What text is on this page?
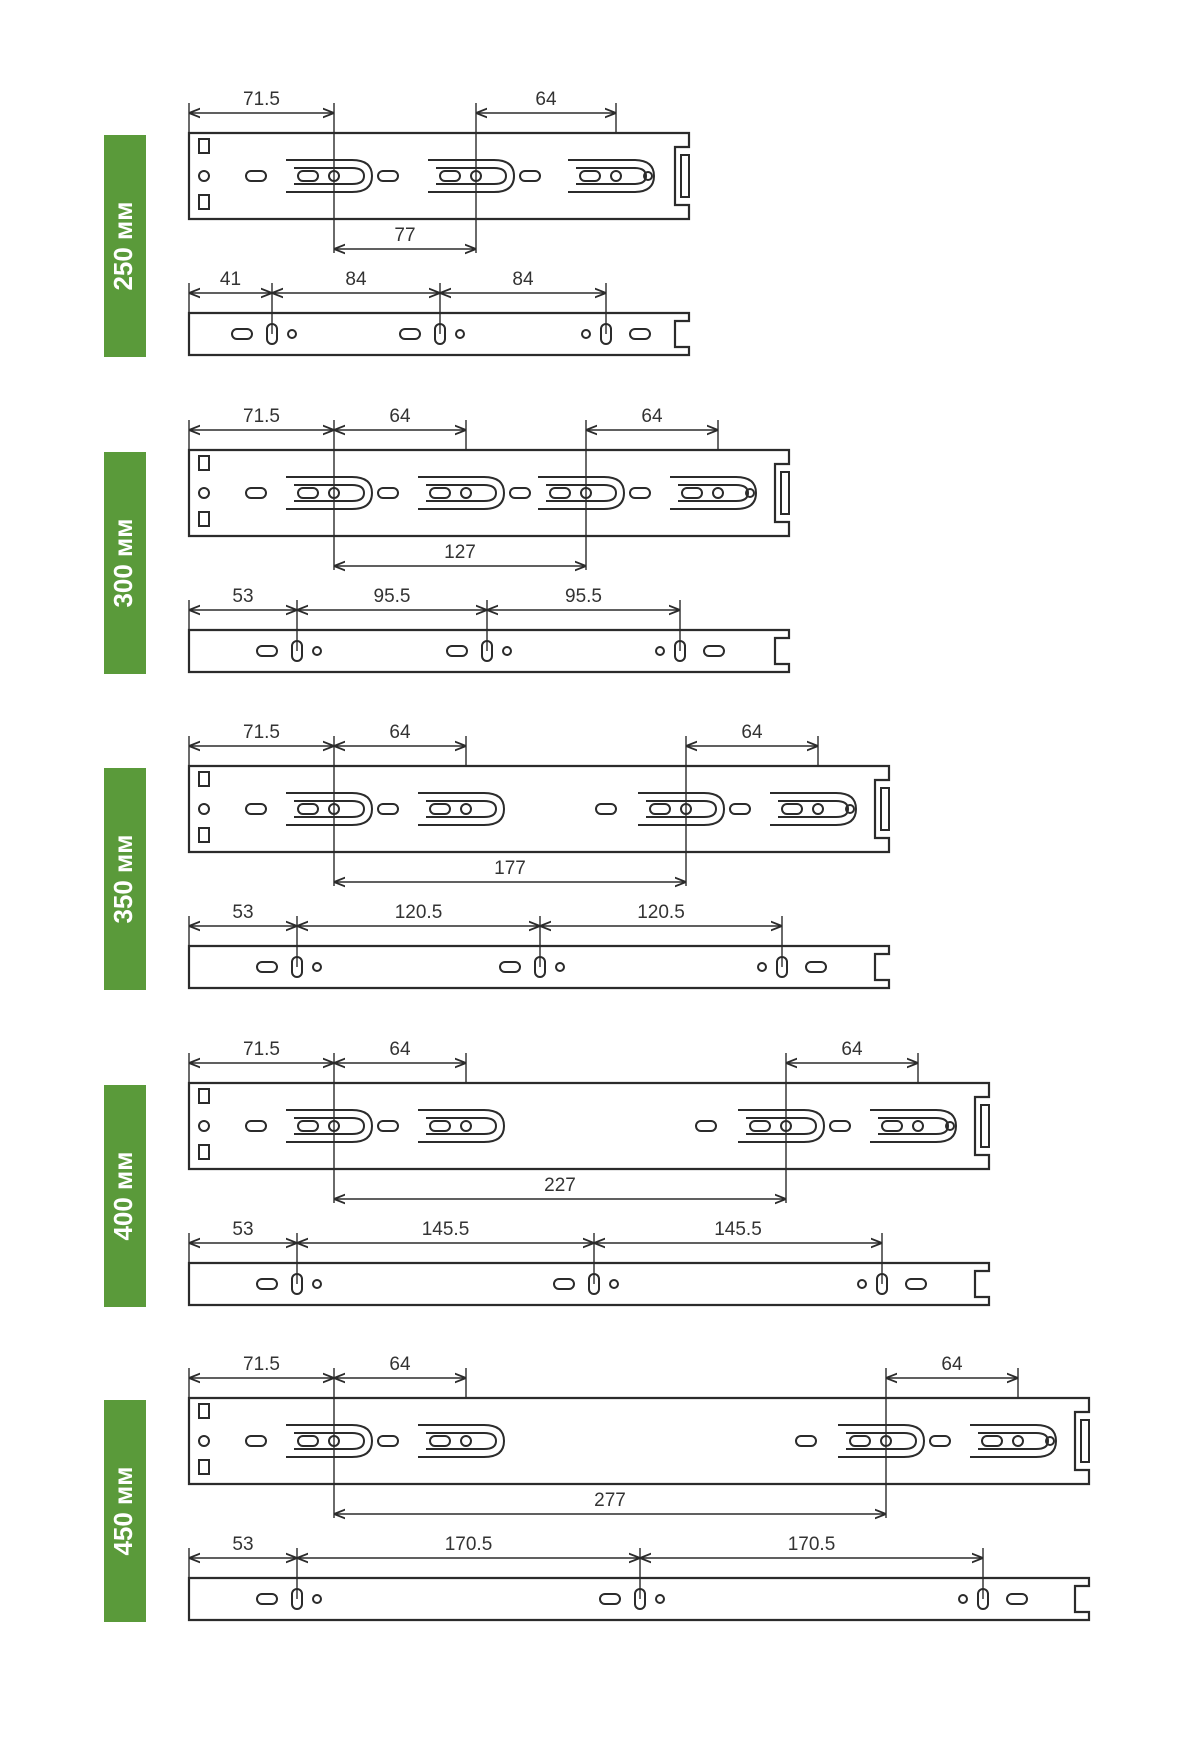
250 мм
71.5	64
77
41	84	84
300 мм
71.5	64	64
127
53	95.5	95.5
350 мм
71.5	64	64
177
53	120.5	120.5
400 мм
71.5	64	64
227
53	145.5	145.5
450 мм
71.5	64	64
277
53	170.5	170.5
